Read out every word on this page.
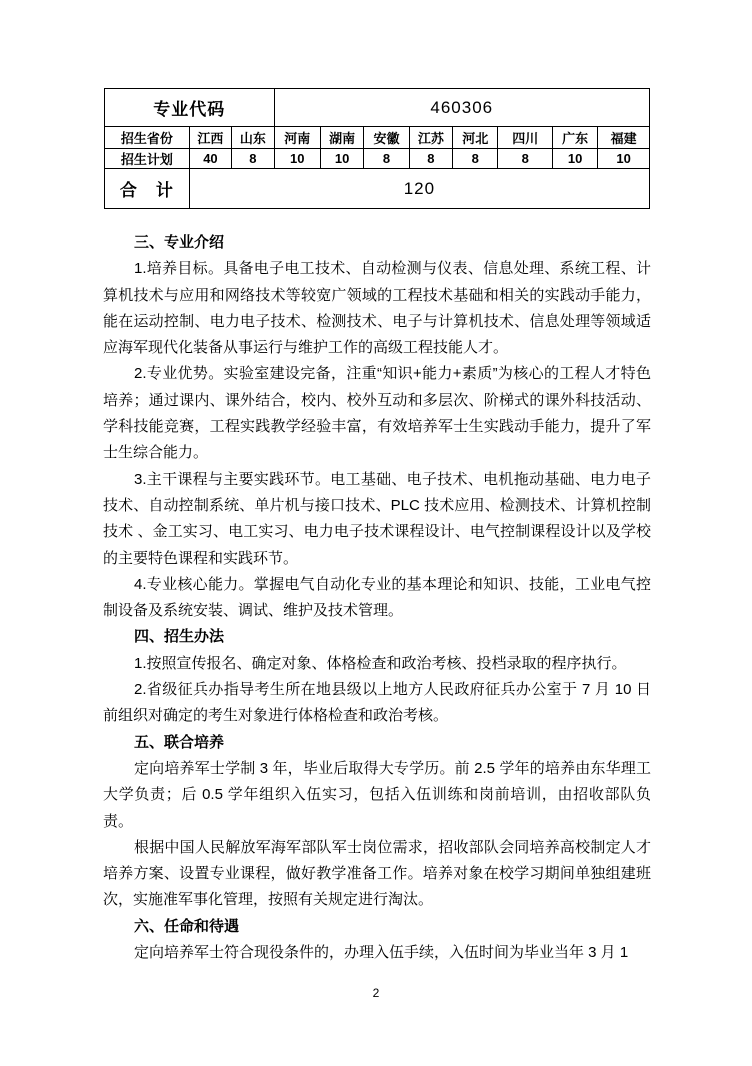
专业代码			460306							
招生省份	江西	山东	河南	湖南	安徽	江苏	河北	四川	广东	福建
招生计划	40	8	10	10	8	8	8	8	10	10
合　计	120									
三、专业介绍

1.培养目标。具备电子电工技术、自动检测与仪表、信息处理、系统工程、计算机技术与应用和网络技术等较宽广领域的工程技术基础和相关的实践动手能力，能在运动控制、电力电子技术、检测技术、电子与计算机技术、信息处理等领域适应海军现代化装备从事运行与维护工作的高级工程技能人才。

2.专业优势。实验室建设完备，注重“知识+能力+素质”为核心的工程人才特色培养；通过课内、课外结合，校内、校外互动和多层次、阶梯式的课外科技活动、学科技能竞赛，工程实践教学经验丰富，有效培养军士生实践动手能力，提升了军士生综合能力。

3.主干课程与主要实践环节。电工基础、电子技术、电机拖动基础、电力电子技术、自动控制系统、单片机与接口技术、PLC 技术应用、检测技术、计算机控制技术 、金工实习、电工实习、电力电子技术课程设计、电气控制课程设计以及学校的主要特色课程和实践环节。

4.专业核心能力。掌握电气自动化专业的基本理论和知识、技能，工业电气控制设备及系统安装、调试、维护及技术管理。

四、招生办法

1.按照宣传报名、确定对象、体格检查和政治考核、投档录取的程序执行。

2.省级征兵办指导考生所在地县级以上地方人民政府征兵办公室于 7 月 10 日前组织对确定的考生对象进行体格检查和政治考核。

五、联合培养

定向培养军士学制 3 年，毕业后取得大专学历。前 2.5 学年的培养由东华理工大学负责；后 0.5 学年组织入伍实习，包括入伍训练和岗前培训，由招收部队负责。

根据中国人民解放军海军部队军士岗位需求，招收部队会同培养高校制定人才培养方案、设置专业课程，做好教学准备工作。培养对象在校学习期间单独组建班次，实施准军事化管理，按照有关规定进行淘汰。

六、任命和待遇

定向培养军士符合现役条件的，办理入伍手续，入伍时间为毕业当年 3 月 1

2
